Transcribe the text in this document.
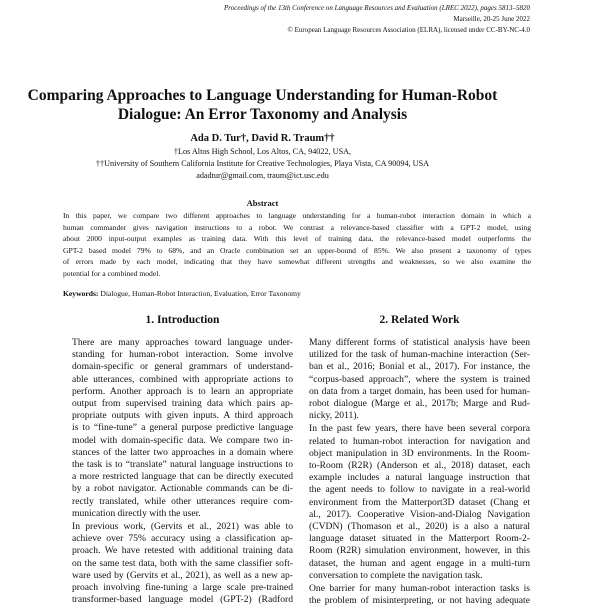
Proceedings of the 13th Conference on Language Resources and Evaluation (LREC 2022), pages 5813–5820
Marseille, 20-25 June 2022
© European Language Resources Association (ELRA), licensed under CC-BY-NC-4.0
Comparing Approaches to Language Understanding for Human-Robot
Dialogue: An Error Taxonomy and Analysis
Ada D. Tur†, David R. Traum††
†Los Altos High School, Los Altos, CA, 94022, USA,
††University of Southern California Institute for Creative Technologies, Playa Vista, CA 90094, USA
adadtur@gmail.com, traum@ict.usc.edu
Abstract
In this paper, we compare two different approaches to language understanding for a human-robot interaction domain in which a
human commander gives navigation instructions to a robot. We contrast a relevance-based classifier with a GPT-2 model, using
about 2000 input-output examples as training data. With this level of training data, the relevance-based model outperforms the
GPT-2 based model 79% to 68%, and an Oracle combination set an upper-bound of 85%. We also present a taxonomy of types
of errors made by each model, indicating that they have somewhat different strengths and weaknesses, so we also examine the
potential for a combined model.
Keywords: Dialogue, Human-Robot Interaction, Evaluation, Error Taxonomy
1. Introduction	2. Related Work
There are many approaches toward language under-
standing for human-robot interaction. Some involve
domain-specific or general grammars of understand-
able utterances, combined with appropriate actions to
perform. Another approach is to learn an appropriate
output from supervised training data which pairs ap-
propriate outputs with given inputs. A third approach
is to “fine-tune” a general purpose predictive language
model with domain-specific data. We compare two in-
stances of the latter two approaches in a domain where
the task is to “translate” natural language instructions to
a more restricted language that can be directly executed
by a robot navigator. Actionable commands can be di-
rectly translated, while other utterances require com-
munication directly with the user.
In previous work, (Gervits et al., 2021) was able to
achieve over 75% accuracy using a classification ap-
proach. We have retested with additional training data
on the same test data, both with the same classifier soft-
ware used by (Gervits et al., 2021), as well as a new ap-
proach involving fine-tuning a large scale pre-trained
transformer-based language model (GPT-2) (Radford
Many different forms of statistical analysis have been
utilized for the task of human-machine interaction (Ser-
ban et al., 2016; Bonial et al., 2017). For instance, the
“corpus-based approach”, where the system is trained
on data from a target domain, has been used for human-
robot dialogue (Marge et al., 2017b; Marge and Rud-
nicky, 2011).
In the past few years, there have been several corpora
related to human-robot interaction for navigation and
object manipulation in 3D environments. In the Room-
to-Room (R2R) (Anderson et al., 2018) dataset, each
example includes a natural language instruction that
the agent needs to follow to navigate in a real-world
environment from the Matterport3D dataset (Chang et
al., 2017). Cooperative Vision-and-Dialog Navigation
(CVDN) (Thomason et al., 2020) is a also a natural
language dataset situated in the Matterport Room-2-
Room (R2R) simulation environment, however, in this
dataset, the human and agent engage in a multi-turn
conversation to complete the navigation task.
One barrier for many human-robot interaction tasks is
the problem of misinterpreting, or not having adequate
